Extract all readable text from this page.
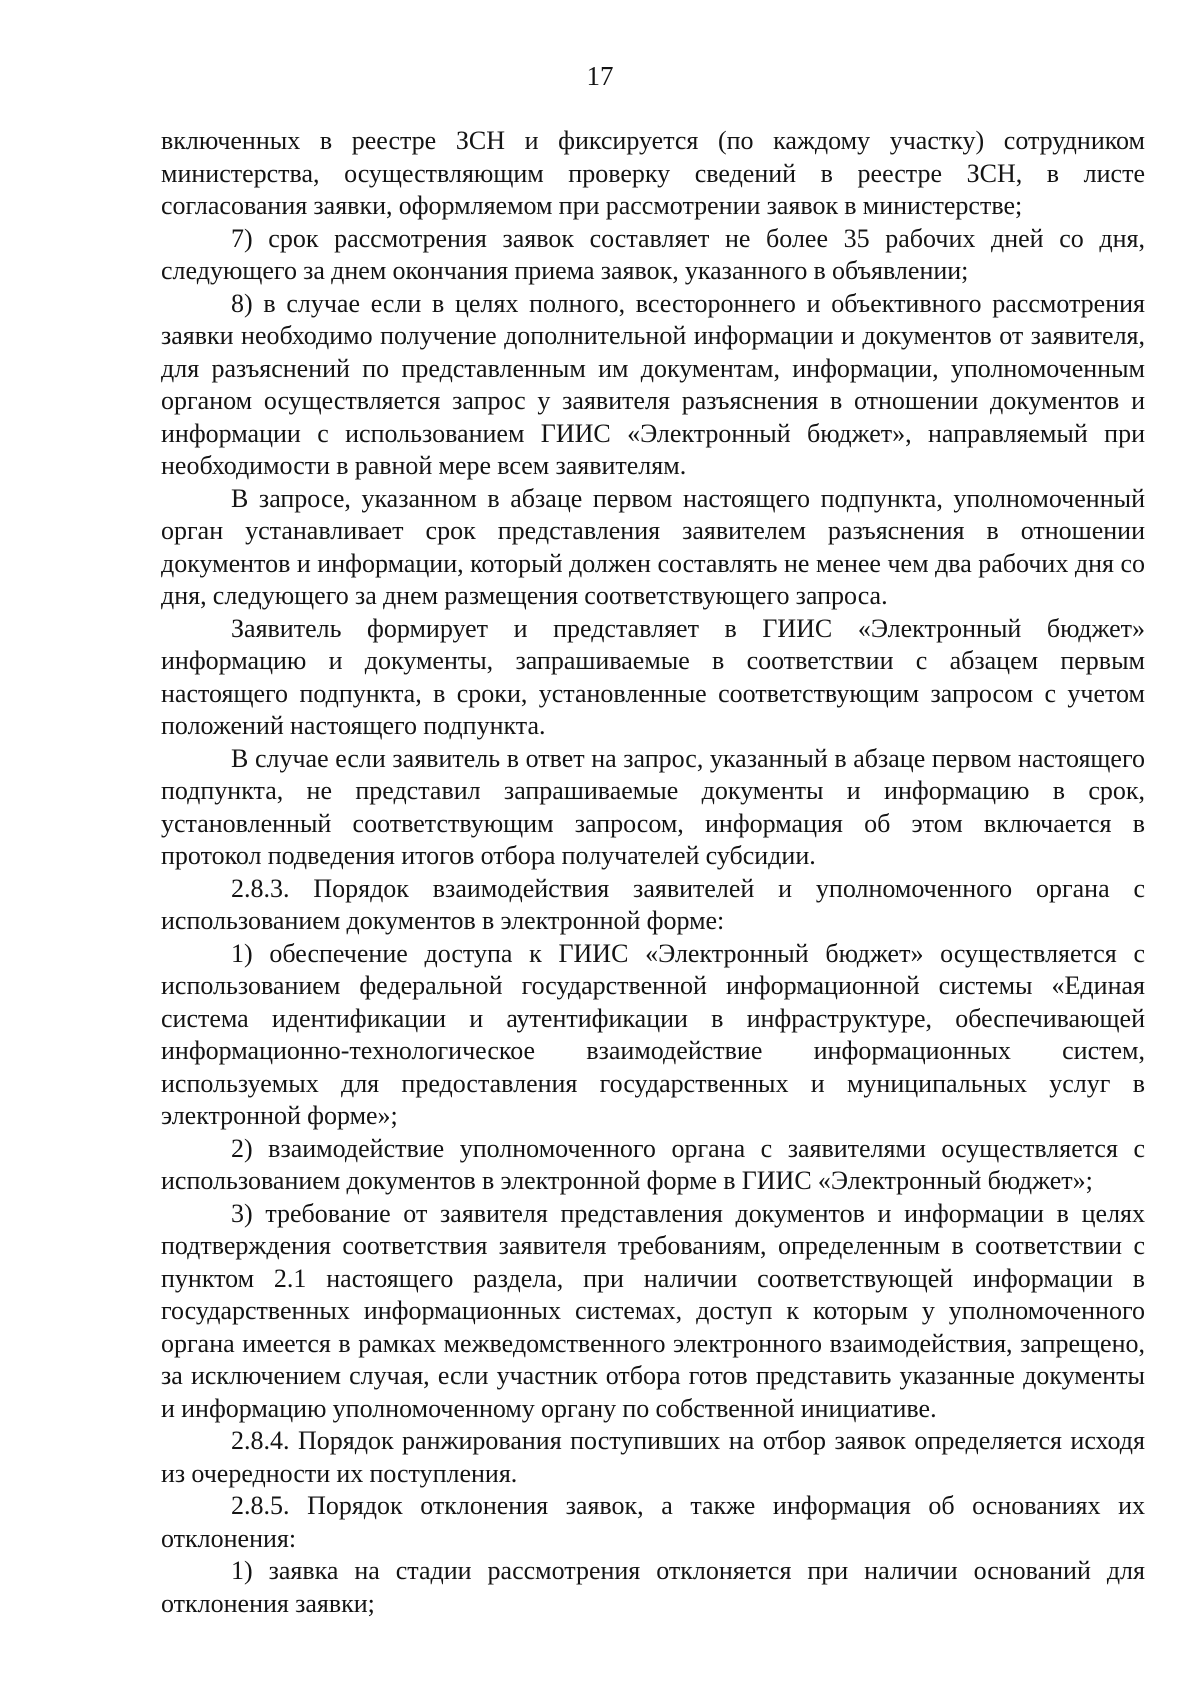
17

включенных в реестре ЗСН и фиксируется (по каждому участку) сотрудником министерства, осуществляющим проверку сведений в реестре ЗСН, в листе согласования заявки, оформляемом при рассмотрении заявок в министерстве;

7) срок рассмотрения заявок составляет не более 35 рабочих дней со дня, следующего за днем окончания приема заявок, указанного в объявлении;

8) в случае если в целях полного, всестороннего и объективного рассмотрения заявки необходимо получение дополнительной информации и документов от заявителя, для разъяснений по представленным им документам, информации, уполномоченным органом осуществляется запрос у заявителя разъяснения в отношении документов и информации с использованием ГИИС «Электронный бюджет», направляемый при необходимости в равной мере всем заявителям.

В запросе, указанном в абзаце первом настоящего подпункта, уполномоченный орган устанавливает срок представления заявителем разъяснения в отношении документов и информации, который должен составлять не менее чем два рабочих дня со дня, следующего за днем размещения соответствующего запроса.

Заявитель формирует и представляет в ГИИС «Электронный бюджет» информацию и документы, запрашиваемые в соответствии с абзацем первым настоящего подпункта, в сроки, установленные соответствующим запросом с учетом положений настоящего подпункта.

В случае если заявитель в ответ на запрос, указанный в абзаце первом настоящего подпункта, не представил запрашиваемые документы и информацию в срок, установленный соответствующим запросом, информация об этом включается в протокол подведения итогов отбора получателей субсидии.

2.8.3. Порядок взаимодействия заявителей и уполномоченного органа с использованием документов в электронной форме:

1) обеспечение доступа к ГИИС «Электронный бюджет» осуществляется с использованием федеральной государственной информационной системы «Единая система идентификации и аутентификации в инфраструктуре, обеспечивающей информационно-технологическое взаимодействие информационных систем, используемых для предоставления государственных и муниципальных услуг в электронной форме»;

2) взаимодействие уполномоченного органа с заявителями осуществляется с использованием документов в электронной форме в ГИИС «Электронный бюджет»;

3) требование от заявителя представления документов и информации в целях подтверждения соответствия заявителя требованиям, определенным в соответствии с пунктом 2.1 настоящего раздела, при наличии соответствующей информации в государственных информационных системах, доступ к которым у уполномоченного органа имеется в рамках межведомственного электронного взаимодействия, запрещено, за исключением случая, если участник отбора готов представить указанные документы и информацию уполномоченному органу по собственной инициативе.

2.8.4. Порядок ранжирования поступивших на отбор заявок определяется исходя из очередности их поступления.

2.8.5. Порядок отклонения заявок, а также информация об основаниях их отклонения:

1) заявка на стадии рассмотрения отклоняется при наличии оснований для отклонения заявки;
